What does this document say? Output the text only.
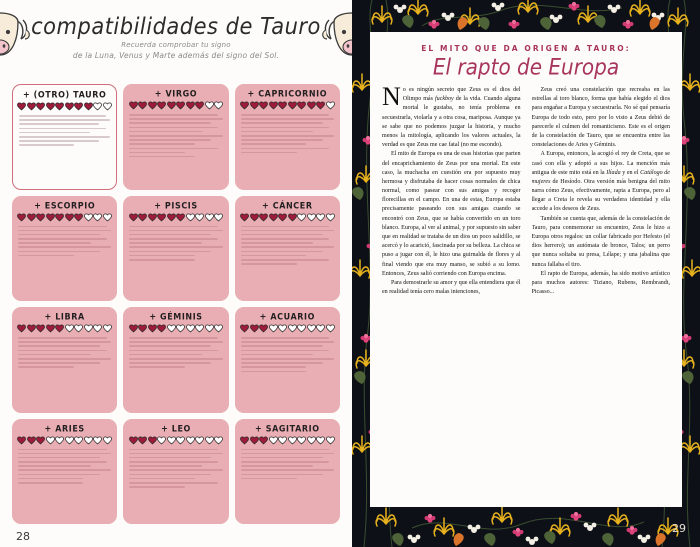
compatibilidades de Tauro
Recuerda comprobar tu signo
de la Luna, Venus y Marte además del signo del Sol.
+ (OTRO) TAURO	+ VIRGO	+ CAPRICORNIO
+ ESCORPIO	+ PISCIS	+ CÁNCER
+ LIBRA	+ GÉMINIS	+ ACUARIO
+ ARIES	+ LEO	+ SAGITARIO
28
EL MITO QUE DA ORIGEN A TAURO:
El rapto de Europa

No es ningún secreto que Zeus es el dios del Olimpo más fuckboy de la vida. Cuando alguna mortal le gustaba, no tenía problema en secuestrarla, violarla y a otra cosa, mariposa. Aunque ya se sabe que no podemos juzgar la historia, y mucho menos la mitología, aplicando los valores actuales, la verdad es que Zeus me cae fatal (no me escondo).

El mito de Europa es una de esas historias que parten del encaprichamiento de Zeus por una mortal. En este caso, la muchacha en cuestión era por supuesto muy hermosa y disfrutaba de hacer cosas normales de chica normal, como pasear con sus amigas y recoger florecillas en el campo. En una de estas, Europa estaba precisamente paseando con sus amigas cuando se encontró con Zeus, que se había convertido en un toro blanco. Europa, al ver al animal, y por supuesto sin saber que en realidad se trataba de un dios un poco salidillo, se acercó y lo acarició, fascinada por su belleza. La chica se puso a jugar con él, le hizo una guirnalda de flores y al final viendo que era muy manso, se subió a su lomo. Entonces, Zeus salió corriendo con Europa encima.

Para demostrarle su amor y que ella entendiera que él en realidad tenía cero malas intenciones,

Zeus creó una constelación que recreaba en las estrellas al toro blanco, forma que había elegido el dios para engañar a Europa y secuestrarla. No sé qué pensaría Europa de todo esto, pero por lo visto a Zeus debió de parecerle el culmen del romanticismo. Este es el origen de la constelación de Tauro, que se encuentra entre las constelaciones de Aries y Géminis.

A Europa, entonces, la acogió el rey de Creta, que se casó con ella y adoptó a sus hijos. La mención más antigua de este mito está en la Ilíada y en el Catálogo de mujeres de Hesíodo. Otra versión más benigna del mito narra cómo Zeus, efectivamente, rapta a Europa, pero al llegar a Creta le revela su verdadera identidad y ella accede a los deseos de Zeus.

También se cuenta que, además de la constelación de Tauro, para conmemorar su encuentro, Zeus le hizo a Europa otros regalos: un collar fabricado por Hefesto (el dios herrero); un autómata de bronce, Talos; un perro que nunca soltaba su presa, Lélape; y una jabalina que nunca fallaba el tiro.

El rapto de Europa, además, ha sido motivo artístico para muchos autores: Tiziano, Rubens, Rembrandt, Picasso...

29
